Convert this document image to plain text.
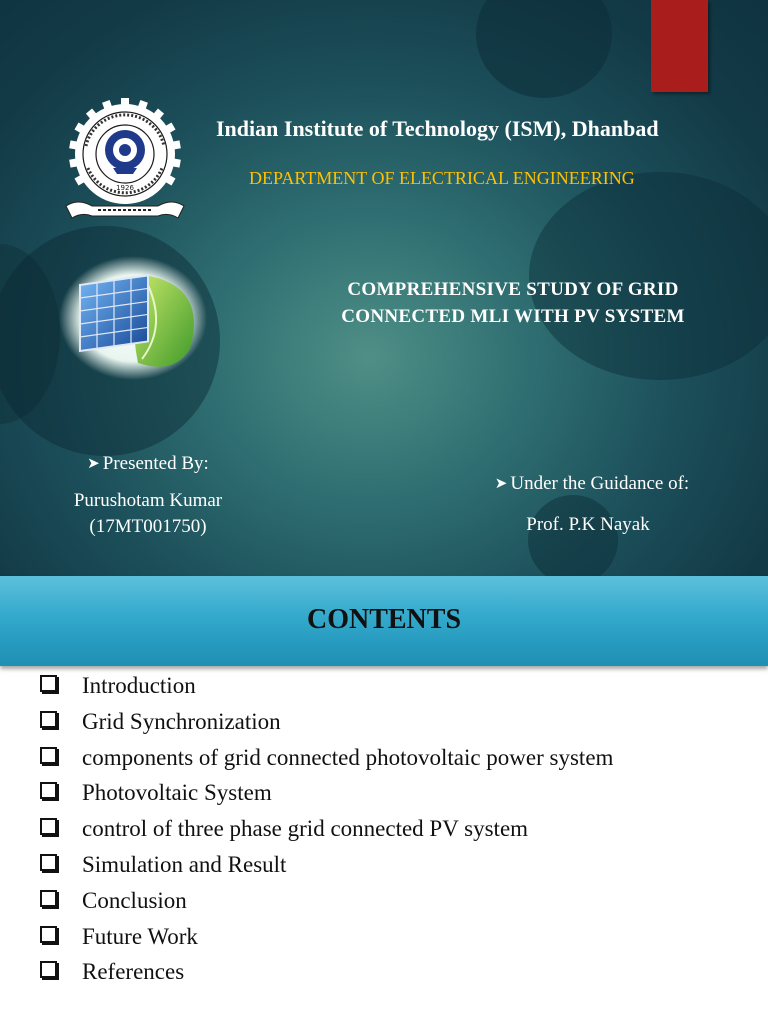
1926
Indian Institute of Technology (ISM), Dhanbad
DEPARTMENT OF ELECTRICAL ENGINEERING
COMPREHENSIVE STUDY OF GRID
CONNECTED MLI WITH PV SYSTEM
➤ Presented By:
Purushotam Kumar
(17MT001750)
➤ Under the Guidance of:
Prof. P.K Nayak
CONTENTS
Introduction
Grid Synchronization
components of grid connected photovoltaic power system
Photovoltaic System
control of three phase grid connected PV system
Simulation and Result
Conclusion
Future Work
References
